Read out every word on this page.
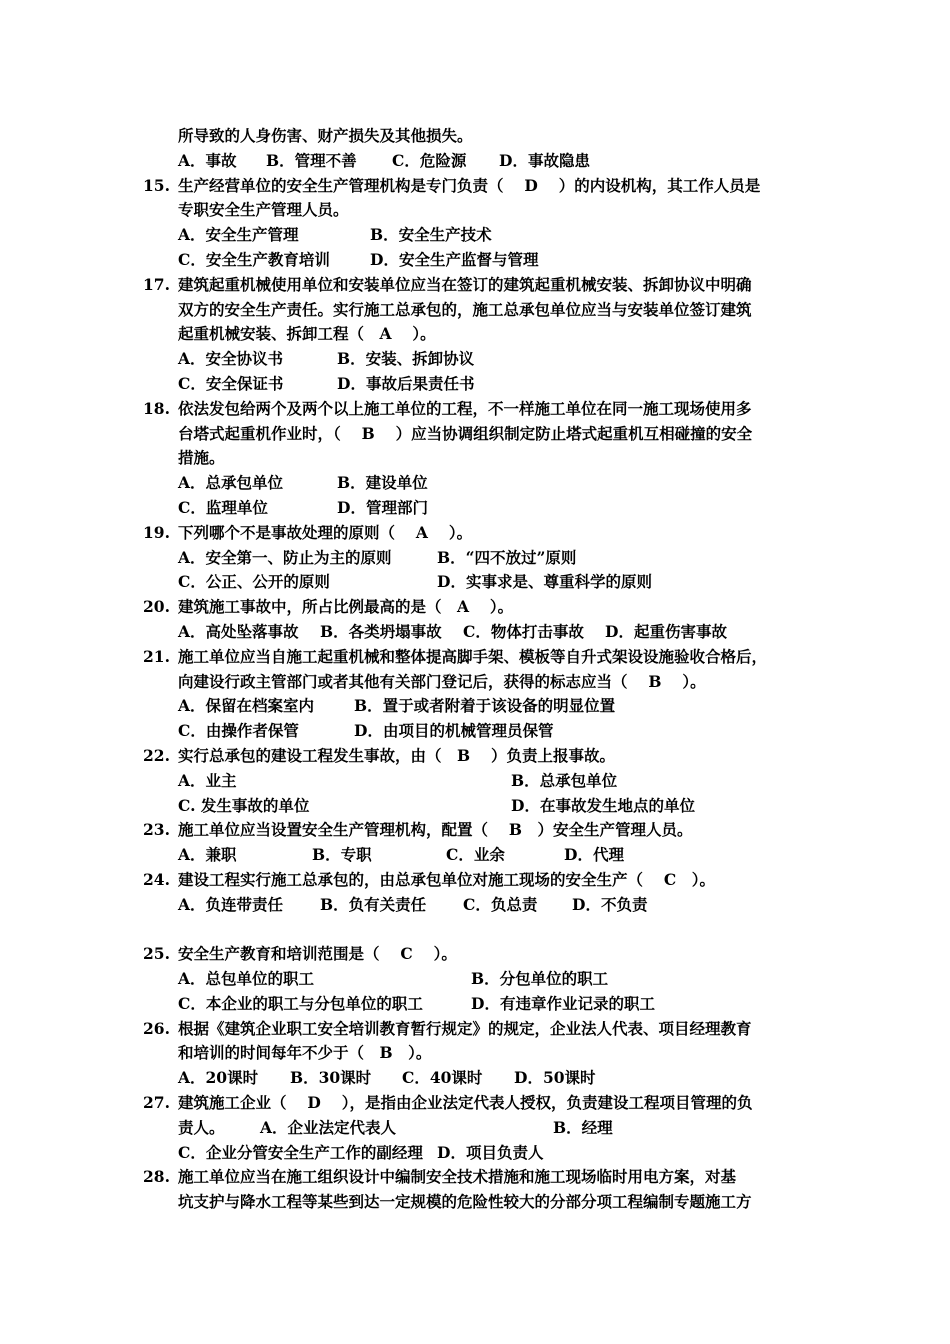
所导致的人身伤害、财产损失及其他损失。
A．事故 B．管理不善 C．危险源 D．事故隐患
15. 生产经营单位的安全生产管理机构是专门负责（　 D　 ）的内设机构，其工作人员是
专职安全生产管理人员。
A．安全生产管理	B．安全生产技术
C．安全生产教育培训	D．安全生产监督与管理
17. 建筑起重机械使用单位和安装单位应当在签订的建筑起重机械安装、拆卸协议中明确
双方的安全生产责任。实行施工总承包的，施工总承包单位应当与安装单位签订建筑
起重机械安装、拆卸工程（　A　 ）。
A．安全协议书	B．安装、拆卸协议
C．安全保证书	D．事故后果责任书
18. 依法发包给两个及两个以上施工单位的工程，不一样施工单位在同一施工现场使用多
台塔式起重机作业时，（　 B　 ）应当协调组织制定防止塔式起重机互相碰撞的安全
措施。
A．总承包单位	B．建设单位
C．监理单位	D．管理部门
19. 下列哪个不是事故处理的原则（　 A　 ）。
A．安全第一、防止为主的原则	B．“四不放过”原则
C．公正、公开的原则	D．实事求是、尊重科学的原则
20. 建筑施工事故中，所占比例最高的是（　A　 ）。
A．高处坠落事故 B．各类坍塌事故 C．物体打击事故 D．起重伤害事故
21. 施工单位应当自施工起重机械和整体提高脚手架、模板等自升式架设设施验收合格后，
向建设行政主管部门或者其他有关部门登记后，获得的标志应当（　 B　 ）。
A．保留在档案室内	B．置于或者附着于该设备的明显位置
C．由操作者保管	D．由项目的机械管理员保管
22. 实行总承包的建设工程发生事故，由（　B　 ）负责上报事故。
A．业主	B．总承包单位
C. 发生事故的单位	D．在事故发生地点的单位
23. 施工单位应当设置安全生产管理机构，配置（　 B　）安全生产管理人员。
A．兼职	B．专职	C．业余	D．代理
24. 建设工程实行施工总承包的，由总承包单位对施工现场的安全生产（　 C　）。
A．负连带责任 B．负有关责任 C．负总责 D．不负责
25. 安全生产教育和培训范围是（　 C　 ）。
A．总包单位的职工	B．分包单位的职工
C．本企业的职工与分包单位的职工	D．有违章作业记录的职工
26. 根据《建筑企业职工安全培训教育暂行规定》的规定，企业法人代表、项目经理教育
和培训的时间每年不少于（　B　）。
A．20课时 B．30课时 C．40课时 D．50课时
27. 建筑施工企业（　 D　 ），是指由企业法定代表人授权，负责建设工程项目管理的负
责人。 A．企业法定代表人	B．经理
C．企业分管安全生产工作的副经理 D．项目负责人
28. 施工单位应当在施工组织设计中编制安全技术措施和施工现场临时用电方案，对基
坑支护与降水工程等某些到达一定规模的危险性较大的分部分项工程编制专题施工方
